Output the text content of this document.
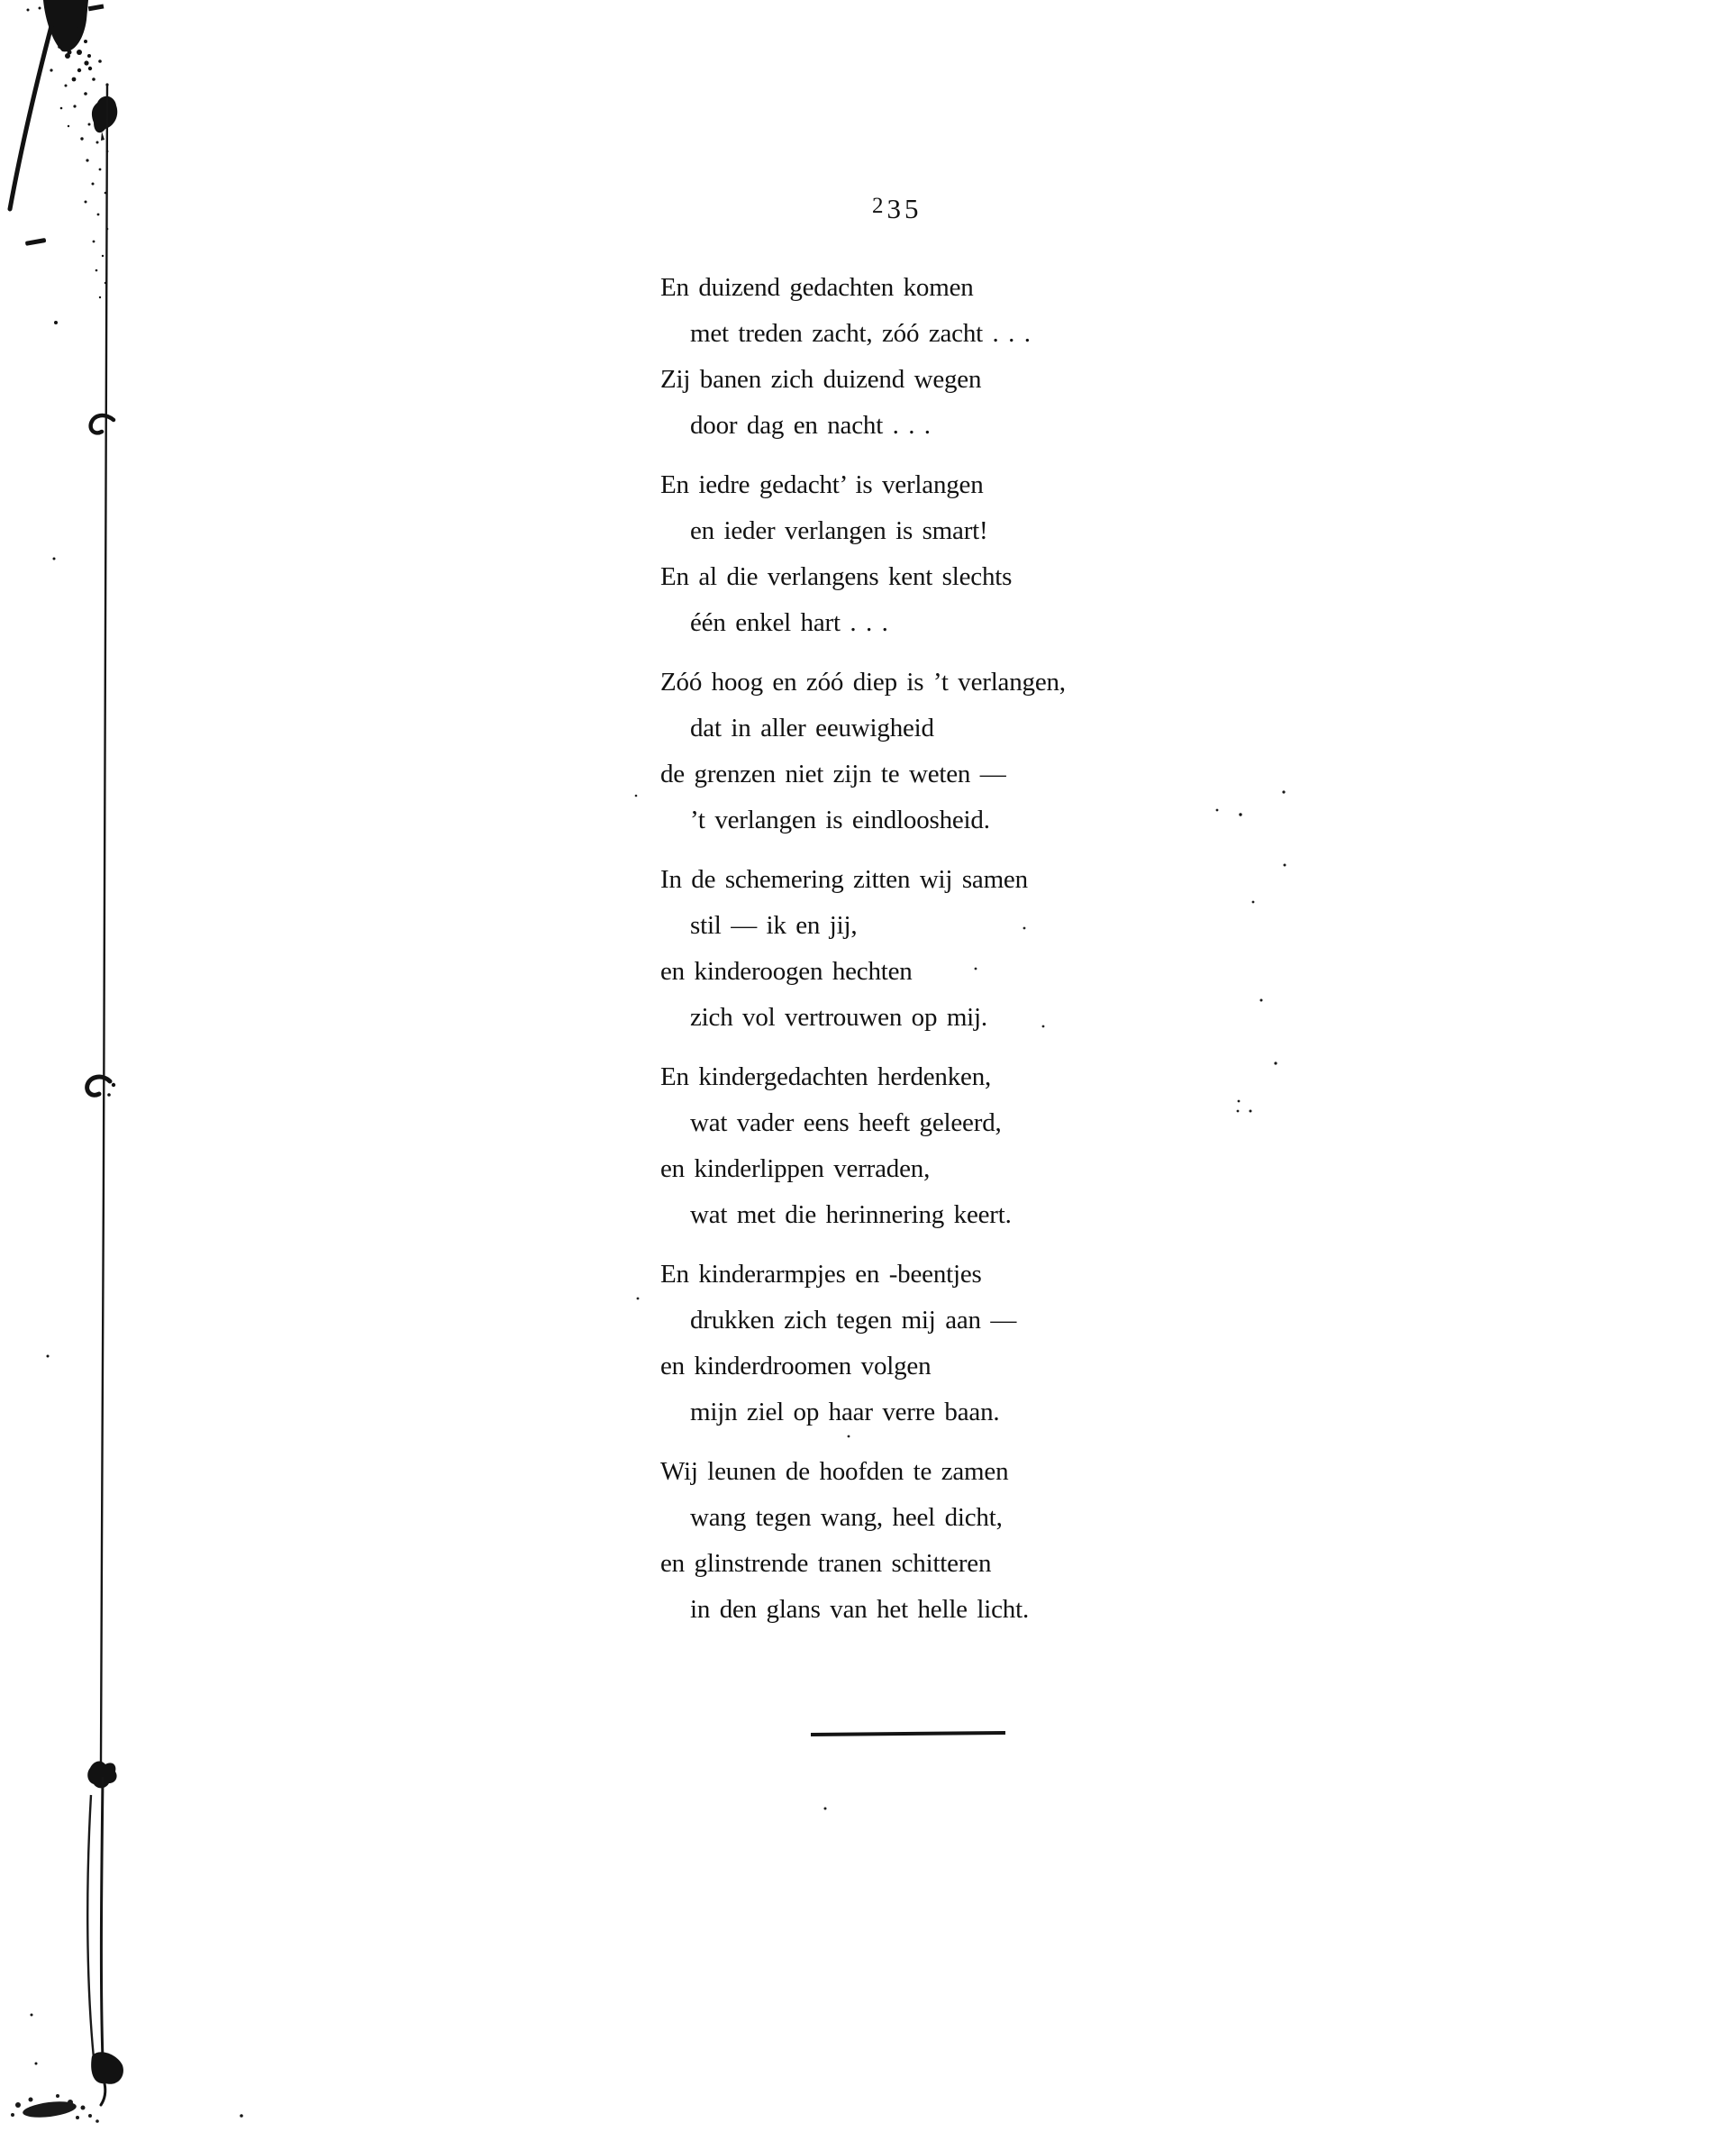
235
En duizend gedachten komen
met treden zacht, zóó zacht . . .
Zij banen zich duizend wegen
door dag en nacht . . .
En iedre gedacht’ is verlangen
en ieder verlangen is smart!
En al die verlangens kent slechts
één enkel hart . . .
Zóó hoog en zóó diep is ’t verlangen,
dat in aller eeuwigheid
de grenzen niet zijn te weten —
’t verlangen is eindloosheid.
In de schemering zitten wij samen
stil — ik en jij,
en kinderoogen hechten
zich vol vertrouwen op mij.
En kindergedachten herdenken,
wat vader eens heeft geleerd,
en kinderlippen verraden,
wat met die herinnering keert.
En kinderarmpjes en -beentjes
drukken zich tegen mij aan —
en kinderdroomen volgen
mijn ziel op haar verre baan.
Wij leunen de hoofden te zamen
wang tegen wang, heel dicht,
en glinstrende tranen schitteren
in den glans van het helle licht.
